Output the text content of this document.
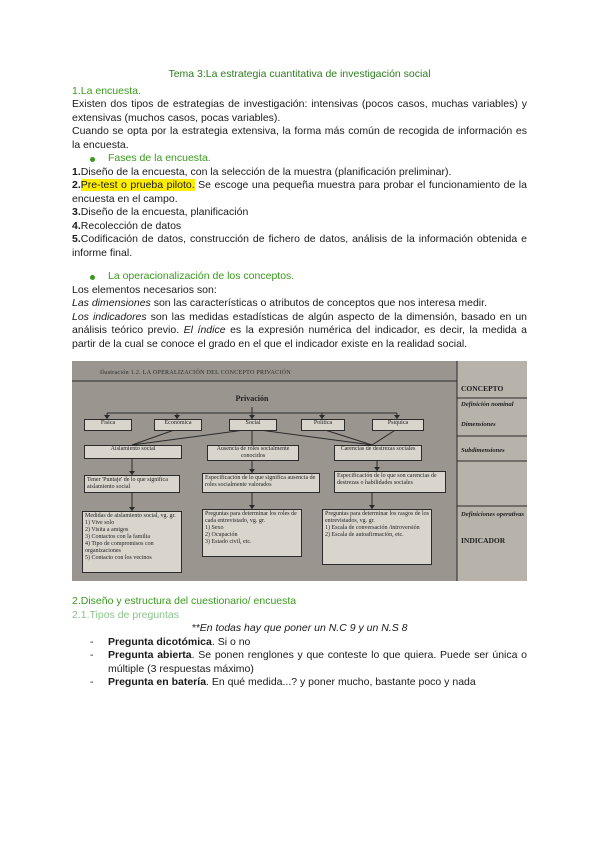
Tema 3:La estrategia cuantitativa de investigación social

1.La encuesta.

Existen dos tipos de estrategias de investigación: intensivas (pocos casos, muchas variables) y extensivas (muchos casos, pocas variables).

Cuando se opta por la estrategia extensiva, la forma más común de recogida de información es la encuesta.

Fases de la encuesta.

1.Diseño de la encuesta, con la selección de la muestra (planificación preliminar).

2.Pre-test o prueba piloto. Se escoge una pequeña muestra para probar el funcionamiento de la encuesta en el campo.

3.Diseño de la encuesta, planificación

4.Recolección de datos

5.Codificación de datos, construcción de fichero de datos, análisis de la información obtenida e informe final.

La operacionalización de los conceptos.

Los elementos necesarios son:

Las dimensiones son las características o atributos de conceptos que nos interesa medir.

Los indicadores son las medidas estadísticas de algún aspecto de la dimensión, basado en un análisis teórico previo. El índice es la expresión numérica del indicador, es decir, la medida a partir de la cual se conoce el grado en el que el indicador existe en la realidad social.

Ilustración 1.2. LA OPERALIZACIÓN DEL CONCEPTO PRIVACIÓN
Privación
Física	Económica	Social	Política	Psíquica
Aislamiento social	Ausencia de roles socialmente conocidos
Carencias de destrezas sociales
Tener 'Puntaje' de lo que significa aislamiento social
Especificación de lo que significa ausencia de roles socialmente valorados
Especificación de lo que son carencias de destrezas o habilidades sociales
Medidas de aislamiento social, vg. gr.
1) Vive solo
2) Visita a amigos
3) Contactos con la familia
4) Tipo de compromisos con organizaciones
5) Contacto con los vecinos
Preguntas para determinar los roles de cada entrevistado, vg. gr.
1) Sexo
2) Ocupación
3) Estado civil, etc.
Preguntas para determinar los rasgos de los entrevistados, vg. gr.
1) Escala de conversación /introversión
2) Escala de autoafirmación, etc.
CONCEPTO
Definición nominal
Dimensiones
Subdimensiones
Definiciones operativas
INDICADOR

2.Diseño y estructura del cuestionario/ encuesta

2.1.Tipos de preguntas

**En todas hay que poner un N.C 9 y un N.S 8

- Pregunta dicotómica. Si o no

- Pregunta abierta. Se ponen renglones y que conteste lo que quiera. Puede ser única o múltiple (3 respuestas máximo)

- Pregunta en batería. En qué medida...? y poner mucho, bastante poco y nada
